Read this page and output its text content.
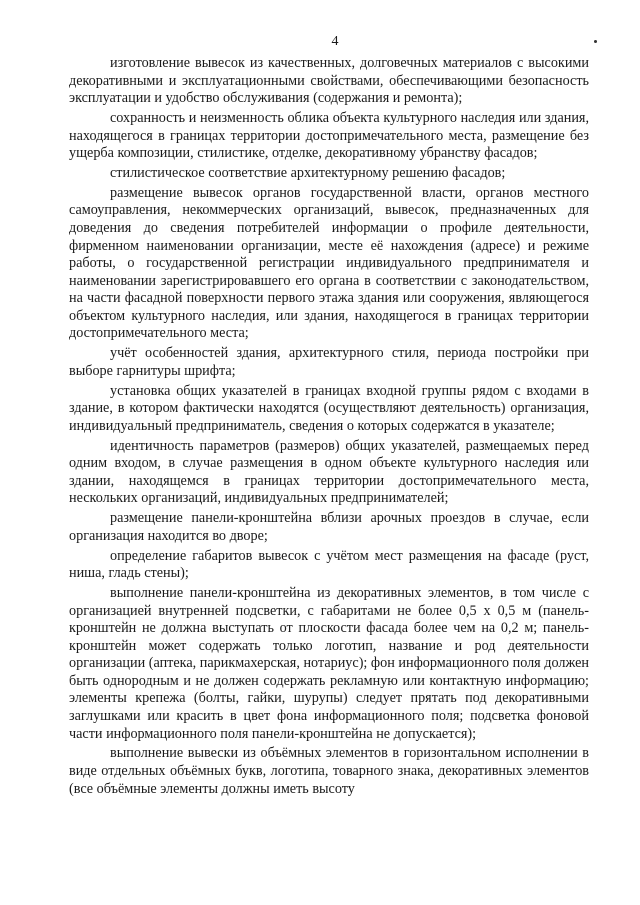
4

изготовление вывесок из качественных, долговечных материалов с высокими декоративными и эксплуатационными свойствами, обеспечивающими безопасность эксплуатации и удобство обслуживания (содержания и ремонта);

сохранность и неизменность облика объекта культурного наследия или здания, находящегося в границах территории достопримечательного места, размещение без ущерба композиции, стилистике, отделке, декоративному убранству фасадов;

стилистическое соответствие архитектурному решению фасадов;

размещение вывесок органов государственной власти, органов местного самоуправления, некоммерческих организаций, вывесок, предназначенных для доведения до сведения потребителей информации о профиле деятельности, фирменном наименовании организации, месте её нахождения (адресе) и режиме работы, о государственной регистрации индивидуального предпринимателя и наименовании зарегистрировавшего его органа в соответствии с законодательством, на части фасадной поверхности первого этажа здания или сооружения, являющегося объектом культурного наследия, или здания, находящегося в границах территории достопримечательного места;

учёт особенностей здания, архитектурного стиля, периода постройки при выборе гарнитуры шрифта;

установка общих указателей в границах входной группы рядом с входами в здание, в котором фактически находятся (осуществляют деятельность) организация, индивидуальный предприниматель, сведения о которых содержатся в указателе;

идентичность параметров (размеров) общих указателей, размещаемых перед одним входом, в случае размещения в одном объекте культурного наследия или здании, находящемся в границах территории достопримечательного места, нескольких организаций, индивидуальных предпринимателей;

размещение панели-кронштейна вблизи арочных проездов в случае, если организация находится во дворе;

определение габаритов вывесок с учётом мест размещения на фасаде (руст, ниша, гладь стены);

выполнение панели-кронштейна из декоративных элементов, в том числе с организацией внутренней подсветки, с габаритами не более 0,5 х 0,5 м (панель-кронштейн не должна выступать от плоскости фасада более чем на 0,2 м; панель-кронштейн может содержать только логотип, название и род деятельности организации (аптека, парикмахерская, нотариус); фон информационного поля должен быть однородным и не должен содержать рекламную или контактную информацию; элементы крепежа (болты, гайки, шурупы) следует прятать под декоративными заглушками или красить в цвет фона информационного поля; подсветка фоновой части информационного поля панели-кронштейна не допускается);

выполнение вывески из объёмных элементов в горизонтальном исполнении в виде отдельных объёмных букв, логотипа, товарного знака, декоративных элементов (все объёмные элементы должны иметь высоту
